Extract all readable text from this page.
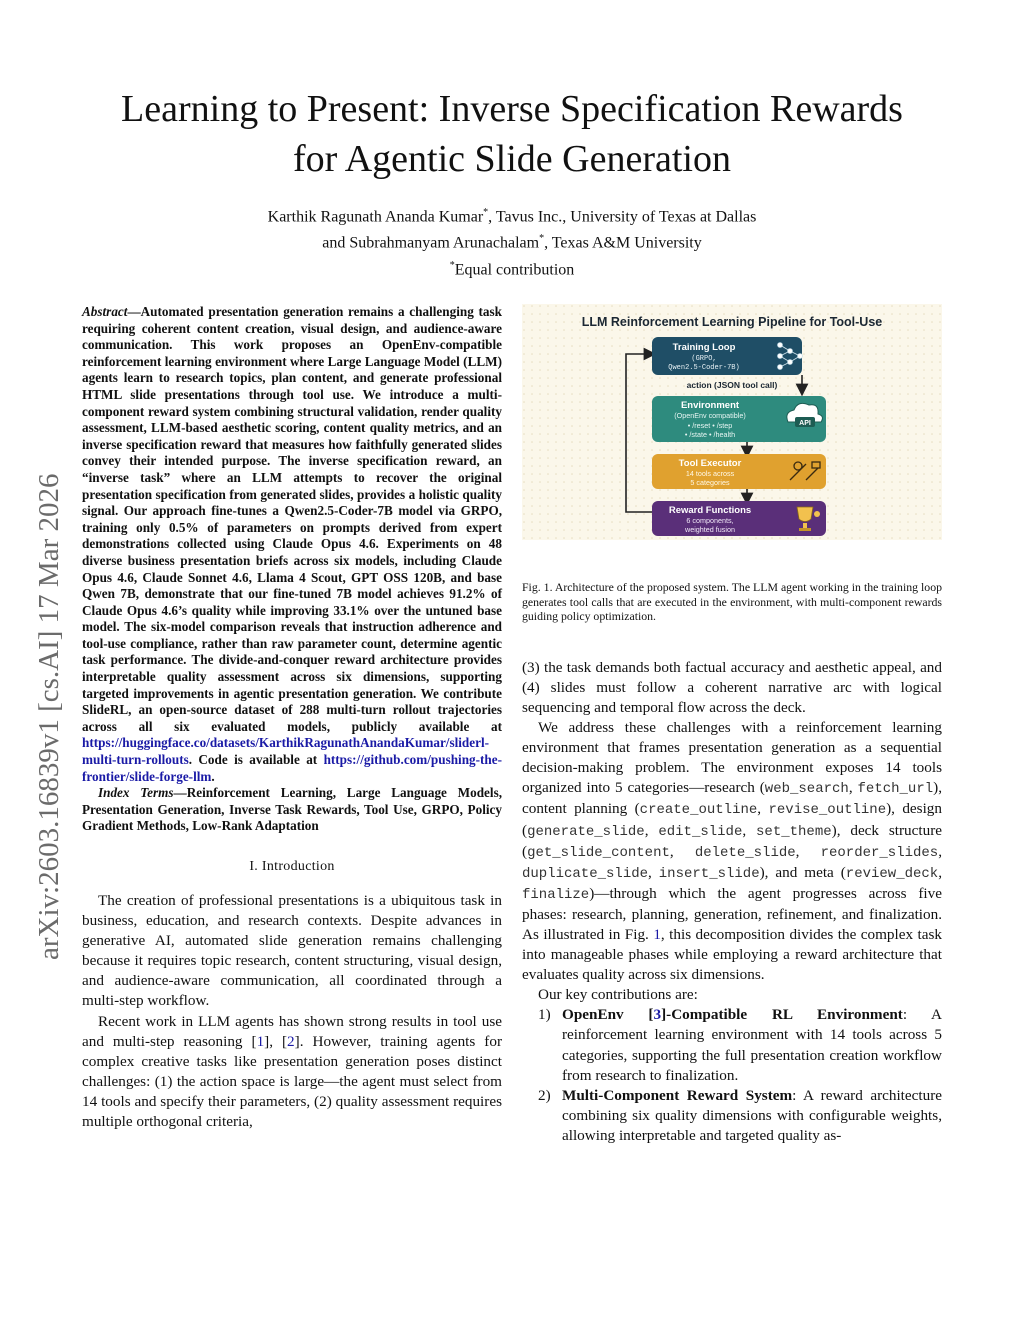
arXiv:2603.16839v1 [cs.AI] 17 Mar 2026
Learning to Present: Inverse Specification Rewards
for Agentic Slide Generation
Karthik Ragunath Ananda Kumar*, Tavus Inc., University of Texas at Dallas
and Subrahmanyam Arunachalam*, Texas A&M University
*Equal contribution

Abstract—Automated presentation generation remains a challenging task requiring coherent content creation, visual design, and audience-aware communication. This work proposes an OpenEnv-compatible reinforcement learning environment where Large Language Model (LLM) agents learn to research topics, plan content, and generate professional HTML slide presentations through tool use. We introduce a multi-component reward system combining structural validation, render quality assessment, LLM-based aesthetic scoring, content quality metrics, and an inverse specification reward that measures how faithfully generated slides convey their intended purpose. The inverse specification reward, an “inverse task” where an LLM attempts to recover the original presentation specification from generated slides, provides a holistic quality signal. Our approach fine-tunes a Qwen2.5-Coder-7B model via GRPO, training only 0.5% of parameters on prompts derived from expert demonstrations collected using Claude Opus 4.6. Experiments on 48 diverse business presentation briefs across six models, including Claude Opus 4.6, Claude Sonnet 4.6, Llama 4 Scout, GPT OSS 120B, and base Qwen 7B, demonstrate that our fine-tuned 7B model achieves 91.2% of Claude Opus 4.6’s quality while improving 33.1% over the untuned base model. The six-model comparison reveals that instruction adherence and tool-use compliance, rather than raw parameter count, determine agentic task performance. The divide-and-conquer reward architecture provides interpretable quality assessment across six dimensions, supporting targeted improvements in agentic presentation generation. We contribute SlideRL, an open-source dataset of 288 multi-turn rollout trajectories across all six evaluated models, publicly available at https://huggingface.co/datasets/KarthikRagunathAnandaKumar/sliderl-multi-turn-rollouts. Code is available at https://github.com/pushing-the-frontier/slide-forge-llm.

Index Terms—Reinforcement Learning, Large Language Models, Presentation Generation, Inverse Task Rewards, Tool Use, GRPO, Policy Gradient Methods, Low-Rank Adaptation

I. Introduction

The creation of professional presentations is a ubiquitous task in business, education, and research contexts. Despite advances in generative AI, automated slide generation remains challenging because it requires topic research, content structuring, visual design, and audience-aware communication, all coordinated through a multi-step workflow.

Recent work in LLM agents has shown strong results in tool use and multi-step reasoning [1], [2]. However, training agents for complex creative tasks like presentation generation poses distinct challenges: (1) the action space is large—the agent must select from 14 tools and specify their parameters, (2) quality assessment requires multiple orthogonal criteria,

LLM Reinforcement Learning Pipeline for Tool-Use
Training Loop
(GRPO,
Qwen2.5-Coder-7B)
action (JSON tool call)
Environment
(OpenEnv compatible)
• /reset • /step
• /state • /health
API
Tool Executor
14 tools across
5 categories
Reward Functions
6 components,
weighted fusion

Fig. 1. Architecture of the proposed system. The LLM agent working in the training loop generates tool calls that are executed in the environment, with multi-component rewards guiding policy optimization.

(3) the task demands both factual accuracy and aesthetic appeal, and (4) slides must follow a coherent narrative arc with logical sequencing and temporal flow across the deck.

We address these challenges with a reinforcement learning environment that frames presentation generation as a sequential decision-making problem. The environment exposes 14 tools organized into 5 categories—research (web_search, fetch_url), content planning (create_outline, revise_outline), design (generate_slide, edit_slide, set_theme), deck structure (get_slide_content, delete_slide, reorder_slides, duplicate_slide, insert_slide), and meta (review_deck, finalize)—through which the agent progresses across five phases: research, planning, generation, refinement, and finalization. As illustrated in Fig. 1, this decomposition divides the complex task into manageable phases while employing a reward architecture that evaluates quality across six dimensions.

Our key contributions are:

1) OpenEnv [3]-Compatible RL Environment: A reinforcement learning environment with 14 tools across 5 categories, supporting the full presentation creation workflow from research to finalization.
2) Multi-Component Reward System: A reward architecture combining six quality dimensions with configurable weights, allowing interpretable and targeted quality as-
